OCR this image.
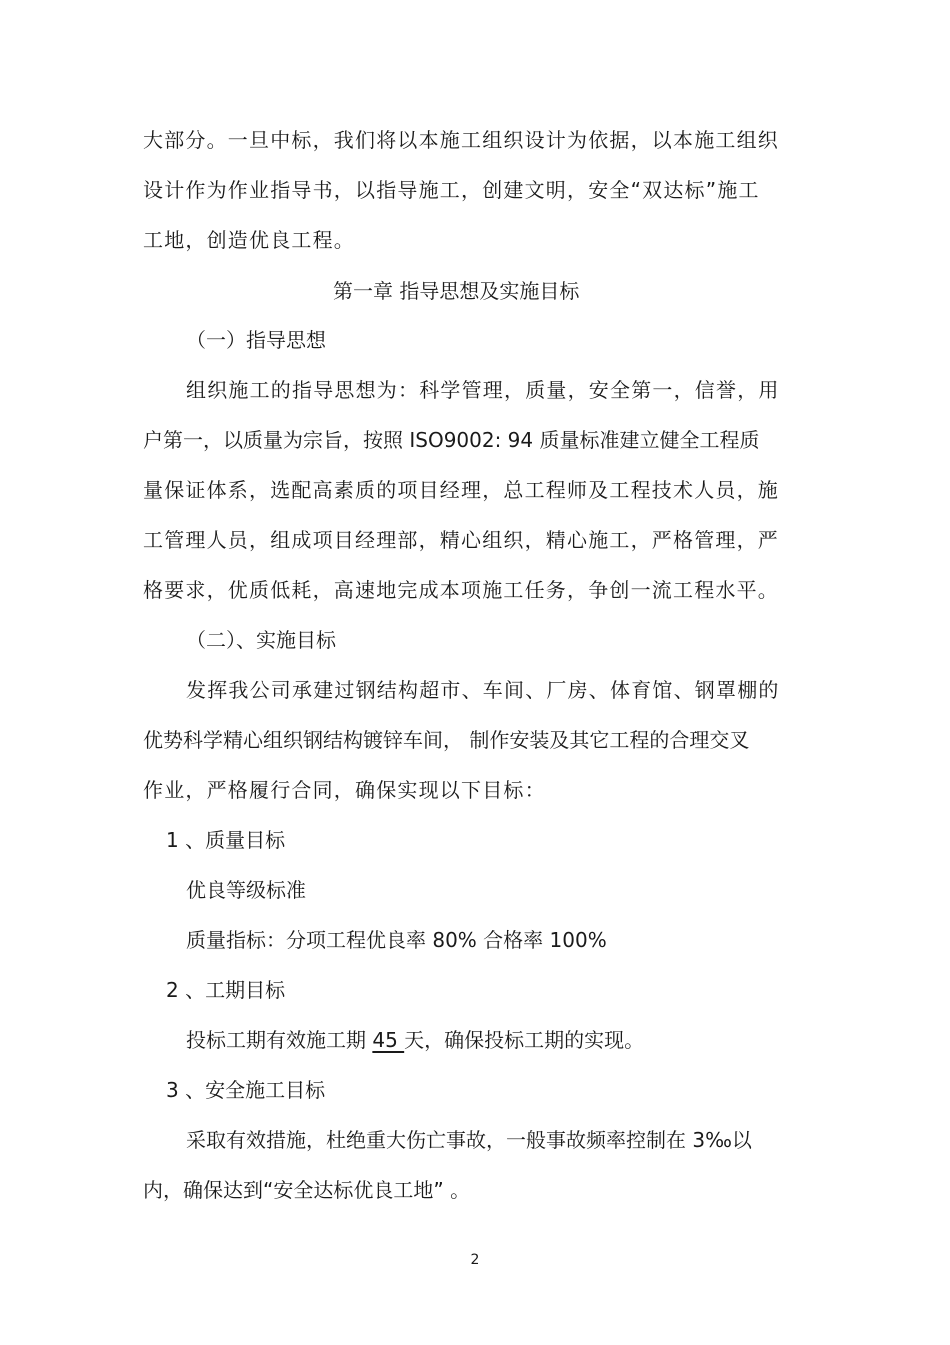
大部分。一旦中标，我们将以本施工组织设计为依据，以本施工组织
设计作为作业指导书，以指导施工，创建文明，安全“双达标”施工
工地，创造优良工程。
第一章 指导思想及实施目标
（一）指导思想
组织施工的指导思想为：科学管理，质量，安全第一，信誉，用
户第一，以质量为宗旨，按照 ISO9002: 94 质量标准建立健全工程质
量保证体系，选配高素质的项目经理，总工程师及工程技术人员，施
工管理人员，组成项目经理部，精心组织，精心施工，严格管理，严
格要求，优质低耗，高速地完成本项施工任务，争创一流工程水平。
（二）、实施目标
发挥我公司承建过钢结构超市、车间、厂房、体育馆、钢罩棚的
优势科学精心组织钢结构镀锌车间， 制作安装及其它工程的合理交叉
作业，严格履行合同，确保实现以下目标：
1 、质量目标
优良等级标准
质量指标：分项工程优良率 80% 合格率 100%
2 、工期目标
投标工期有效施工期 45 天，确保投标工期的实现。
3 、安全施工目标
采取有效措施，杜绝重大伤亡事故，一般事故频率控制在 3‰以
内，确保达到“安全达标优良工地” 。
2
